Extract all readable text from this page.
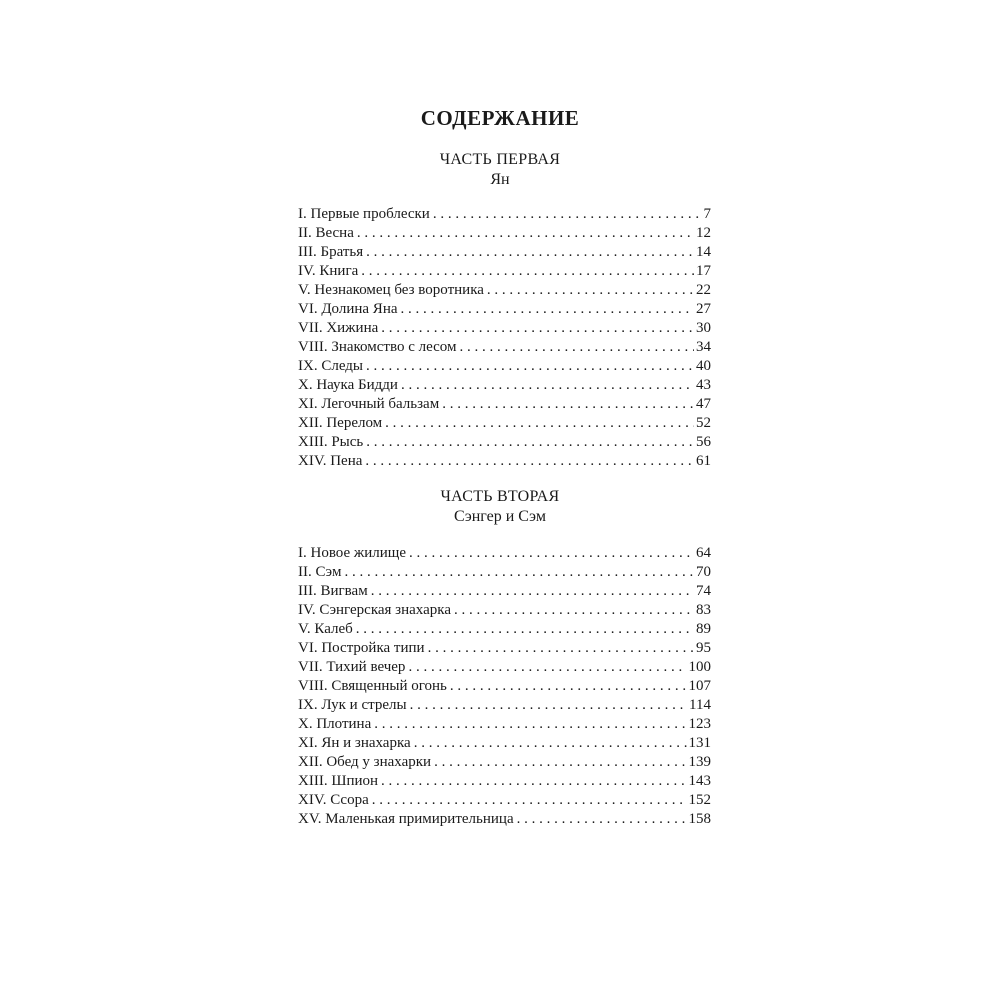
СОДЕРЖАНИЕ
ЧАСТЬ ПЕРВАЯ
Ян
I. Первые проблески . . .	7
II. Весна . . .	12
III. Братья . . .	14
IV. Книга . . .	17
V. Незнакомец без воротника . . .	22
VI. Долина Яна . . .	27
VII. Хижина . . .	30
VIII. Знакомство с лесом . . .	34
IX. Следы . . .	40
X. Наука Бидди . . .	43
XI. Легочный бальзам . . .	47
XII. Перелом . . .	52
XIII. Рысь . . .	56
XIV. Пена . . .	61
ЧАСТЬ ВТОРАЯ
Сэнгер и Сэм
I. Новое жилище . . .	64
II. Сэм . . .	70
III. Вигвам . . .	74
IV. Сэнгерская знахарка . . .	83
V. Калеб . . .	89
VI. Постройка типи . . .	95
VII. Тихий вечер . . .	100
VIII. Священный огонь . . .	107
IX. Лук и стрелы . . .	114
X. Плотина . . .	123
XI. Ян и знахарка . . .	131
XII. Обед у знахарки . . .	139
XIII. Шпион . . .	143
XIV. Ссора . . .	152
XV. Маленькая примирительница . . .	158
